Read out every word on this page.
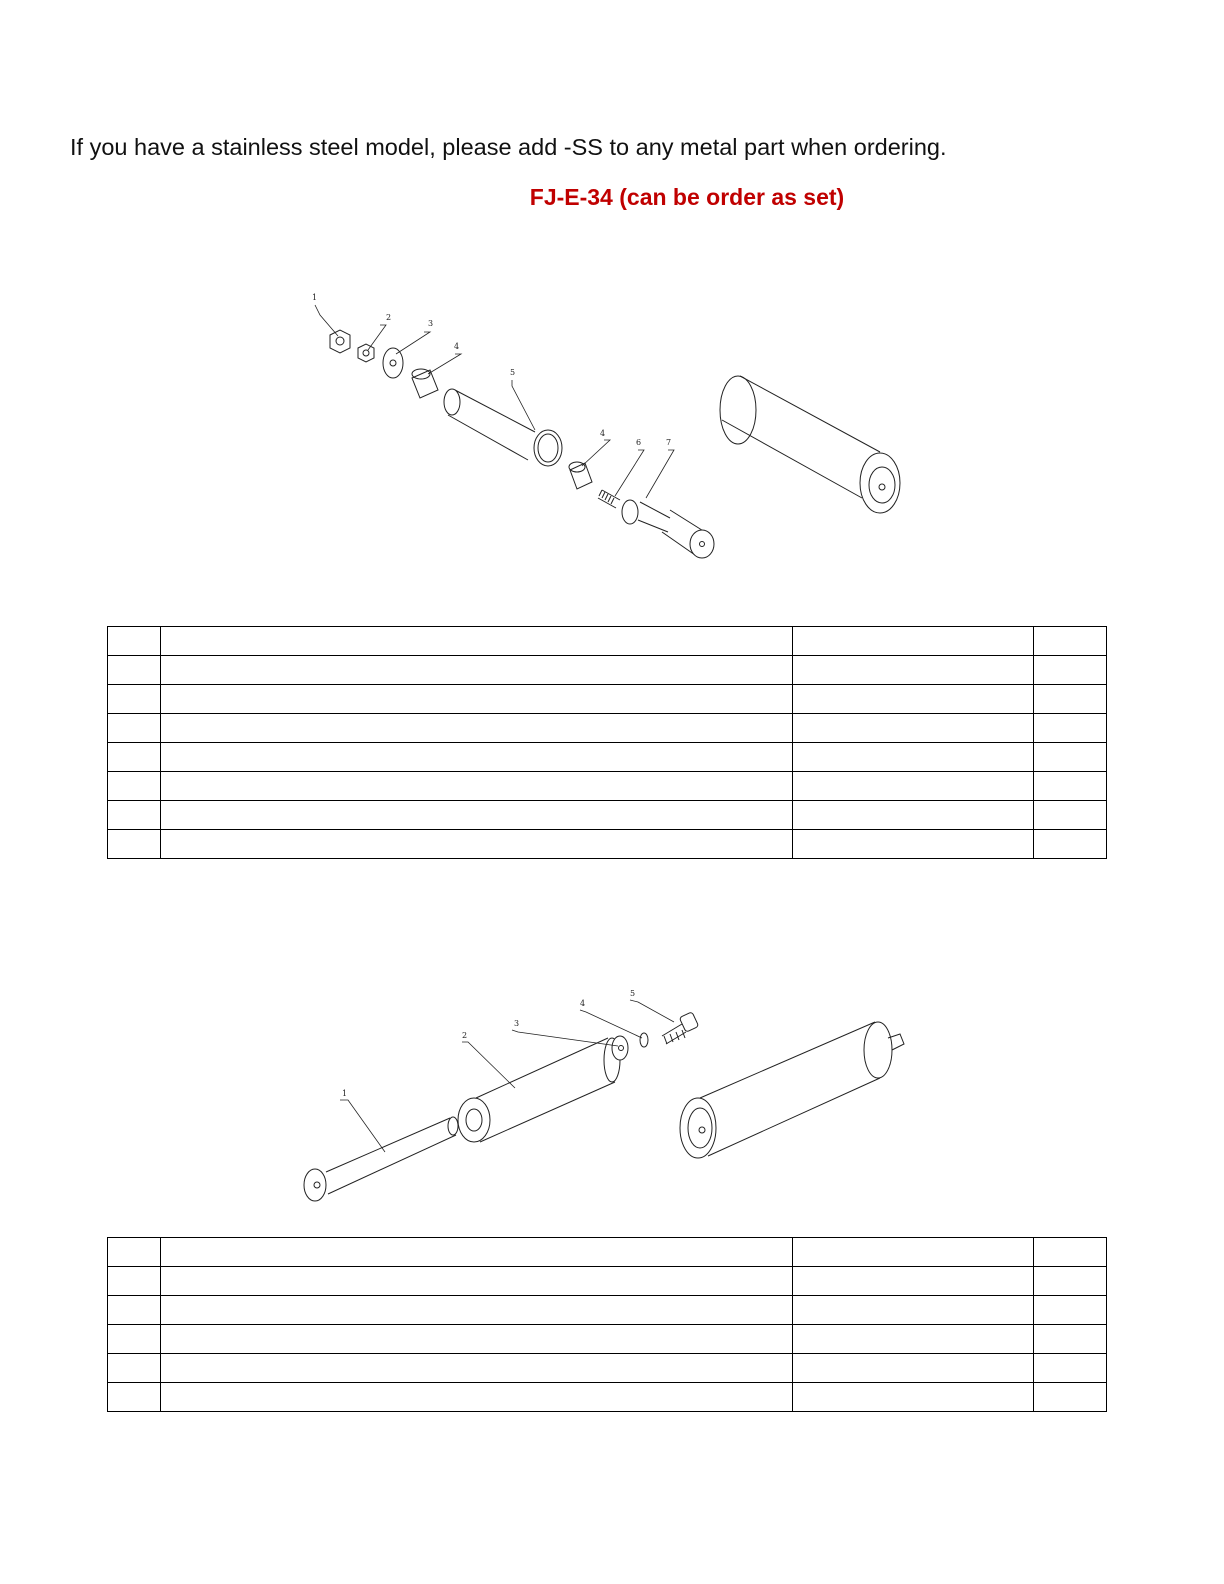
If you have a stainless steel model, please add -SS to any metal part when ordering.

FJ-E-34 (can be order as set)

1
2
3
4
5
4
6	7

1
2
3
4
5
